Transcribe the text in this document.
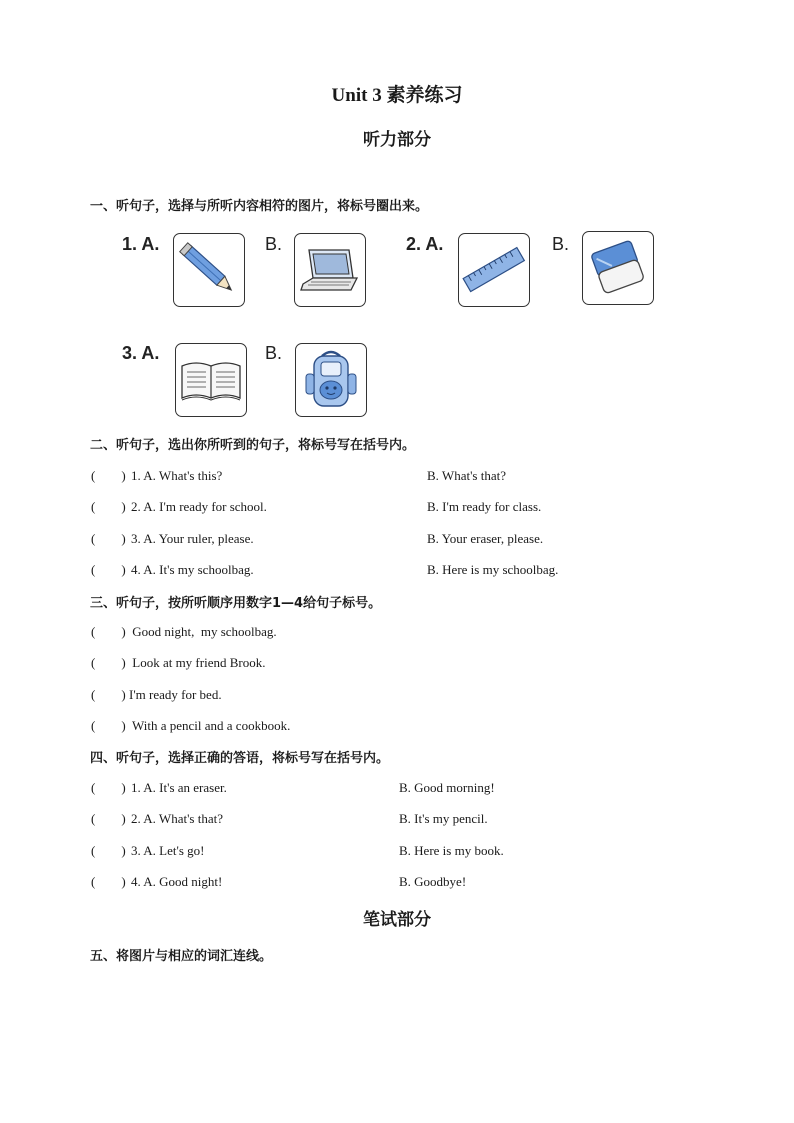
Unit 3 素养练习
听力部分
一、听句子，选择与所听内容相符的图片，将标号圈出来。
1. A.	B.	2. A.	B.
3. A.	B.
二、听句子，选出你所听到的句子，将标号写在括号内。
(        ) 1. A. What's this?	B. What's that?
(        ) 2. A. I'm ready for school.	B. I'm ready for class.
(        ) 3. A. Your ruler, please.	B. Your eraser, please.
(        ) 4. A. It's my schoolbag.	B. Here is my schoolbag.
三、听句子，按所听顺序用数字1—4给句子标号。
(        ) Good night,  my schoolbag.
(        ) Look at my friend Brook.
(        ) I'm ready for bed.
(        ) With a pencil and a cookbook.
四、听句子，选择正确的答语，将标号写在括号内。
(        ) 1. A. It's an eraser.	B. Good morning!
(        ) 2. A. What's that?	B. It's my pencil.
(        ) 3. A. Let's go!	B. Here is my book.
(        ) 4. A. Good night!	B. Goodbye!
笔试部分
五、将图片与相应的词汇连线。
